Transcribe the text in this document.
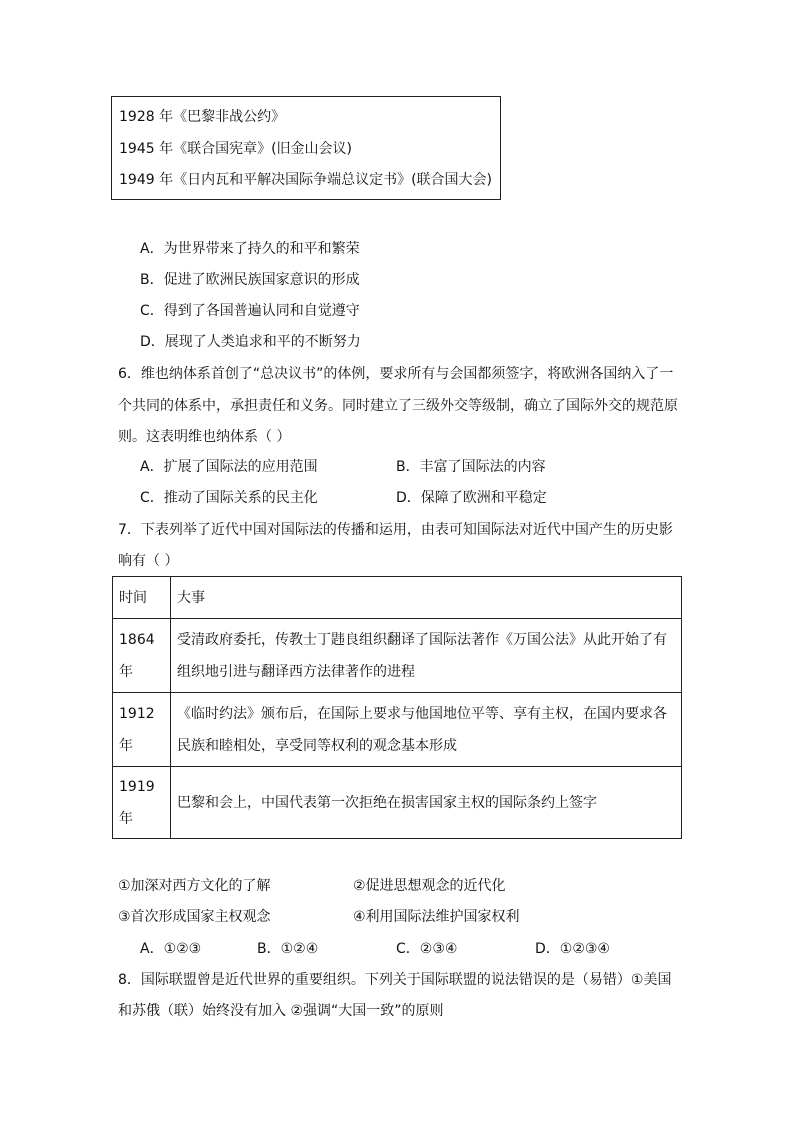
1928 年《巴黎非战公约》
1945 年《联合国宪章》(旧金山会议)
1949 年《日内瓦和平解决国际争端总议定书》(联合国大会)
A．为世界带来了持久的和平和繁荣
B．促进了欧洲民族国家意识的形成
C．得到了各国普遍认同和自觉遵守
D．展现了人类追求和平的不断努力
6．维也纳体系首创了“总决议书”的体例，要求所有与会国都须签字，将欧洲各国纳入了一
个共同的体系中，承担责任和义务。同时建立了三级外交等级制，确立了国际外交的规范原
则。这表明维也纳体系（ ）
A．扩展了国际法的应用范围	B．丰富了国际法的内容
C．推动了国际关系的民主化	D．保障了欧洲和平稳定
7．下表列举了近代中国对国际法的传播和运用，由表可知国际法对近代中国产生的历史影
响有（ ）
时间	大事

1864
年	受清政府委托，传教士丁韪良组织翻译了国际法著作《万国公法》从此开始了有
组织地引进与翻译西方法律著作的进程

1912
年	《临时约法》颁布后，在国际上要求与他国地位平等、享有主权，在国内要求各
民族和睦相处，享受同等权利的观念基本形成

1919
年	巴黎和会上，中国代表第一次拒绝在损害国家主权的国际条约上签字
①加深对西方文化的了解	②促进思想观念的近代化
③首次形成国家主权观念	④利用国际法维护国家权利
A．①②③	B．①②④	C．②③④	D．①②③④
8．国际联盟曾是近代世界的重要组织。下列关于国际联盟的说法错误的是（易错）①美国
和苏俄（联）始终没有加入 ②强调“大国一致”的原则
